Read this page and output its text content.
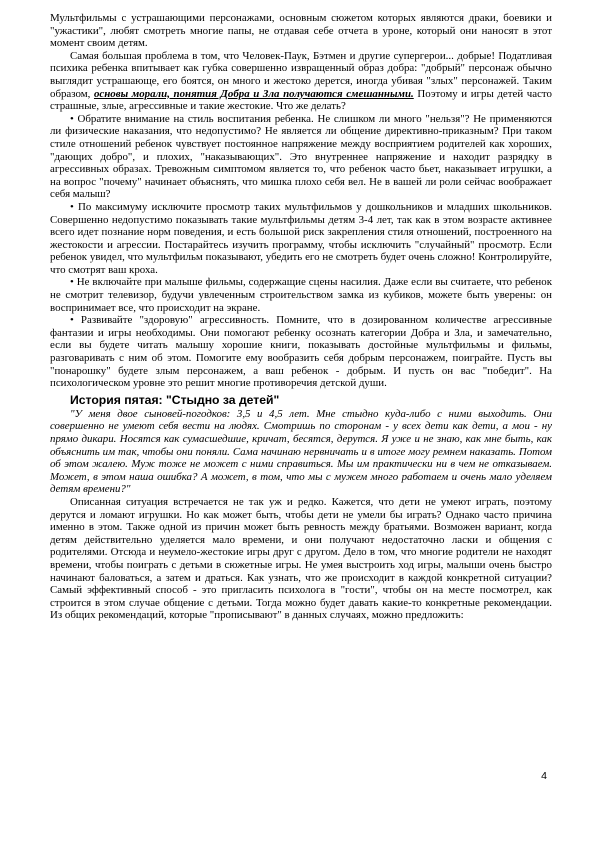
Мультфильмы с устрашающими персонажами, основным сюжетом которых являются драки, боевики и "ужастики", любят смотреть многие папы, не отдавая себе отчета в уроне, который они наносят в этот момент своим детям.

Самая большая проблема в том, что Человек-Паук, Бэтмен и другие супергерои... добрые! Податливая психика ребенка впитывает как губка совершенно извращенный образ добра: "добрый" персонаж обычно выглядит устрашающе, его боятся, он много и жестоко дерется, иногда убивая "злых" персонажей. Таким образом, основы морали, понятия Добра и Зла получаются смешанными. Поэтому и игры детей часто страшные, злые, агрессивные и такие жестокие. Что же делать?

• Обратите внимание на стиль воспитания ребенка. Не слишком ли много "нельзя"? Не применяются ли физические наказания, что недопустимо? Не является ли общение директивно-приказным? При таком стиле отношений ребенок чувствует постоянное напряжение между восприятием родителей как хороших, "дающих добро", и плохих, "наказывающих". Это внутреннее напряжение и находит разрядку в агрессивных образах. Тревожным симптомом является то, что ребенок часто бьет, наказывает игрушки, а на вопрос "почему" начинает объяснять, что мишка плохо себя вел. Не в вашей ли роли сейчас воображает себя малыш?

• По максимуму исключите просмотр таких мультфильмов у дошкольников и младших школьников. Совершенно недопустимо показывать такие мультфильмы детям 3-4 лет, так как в этом возрасте активнее всего идет познание норм поведения, и есть большой риск закрепления стиля отношений, построенного на жестокости и агрессии. Постарайтесь изучить программу, чтобы исключить "случайный" просмотр. Если ребенок увидел, что мультфильм показывают, убедить его не смотреть будет очень сложно! Контролируйте, что смотрят ваш кроха.

• Не включайте при малыше фильмы, содержащие сцены насилия. Даже если вы считаете, что ребенок не смотрит телевизор, будучи увлеченным строительством замка из кубиков, можете быть уверены: он воспринимает все, что происходит на экране.

• Развивайте "здоровую" агрессивность. Помните, что в дозированном количестве агрессивные фантазии и игры необходимы. Они помогают ребенку осознать категории Добра и Зла, и замечательно, если вы будете читать малышу хорошие книги, показывать достойные мультфильмы и фильмы, разговаривать с ним об этом. Помогите ему вообразить себя добрым персонажем, поиграйте. Пусть вы "понарошку" будете злым персонажем, а ваш ребенок - добрым. И пусть он вас "победит". На психологическом уровне это решит многие противоречия детской души.

История пятая: "Стыдно за детей"

"У меня двое сыновей-погодков: 3,5 и 4,5 лет. Мне стыдно куда-либо с ними выходить. Они совершенно не умеют себя вести на людях. Смотришь по сторонам - у всех дети как дети, а мои - ну прямо дикари. Носятся как сумасшедшие, кричат, бесятся, дерутся. Я уже и не знаю, как мне быть, как объяснить им так, чтобы они поняли. Сама начинаю нервничать и в итоге могу ремнем наказать. Потом об этом жалею. Муж тоже не может с ними справиться. Мы им практически ни в чем не отказываем. Может, в этом наша ошибка? А может, в том, что мы с мужем много работаем и очень мало уделяем детям времени?"

Описанная ситуация встречается не так уж и редко. Кажется, что дети не умеют играть, поэтому дерутся и ломают игрушки. Но как может быть, чтобы дети не умели бы играть? Однако часто причина именно в этом. Также одной из причин может быть ревность между братьями. Возможен вариант, когда детям действительно уделяется мало времени, и они получают недостаточно ласки и общения с родителями. Отсюда и неумело-жестокие игры друг с другом. Дело в том, что многие родители не находят времени, чтобы поиграть с детьми в сюжетные игры. Не умея выстроить ход игры, малыши очень быстро начинают баловаться, а затем и драться. Как узнать, что же происходит в каждой конкретной ситуации? Самый эффективный способ - это пригласить психолога в "гости", чтобы он на месте посмотрел, как строится в этом случае общение с детьми. Тогда можно будет давать какие-то конкретные рекомендации. Из общих рекомендаций, которые "прописывают" в данных случаях, можно предложить:

4
